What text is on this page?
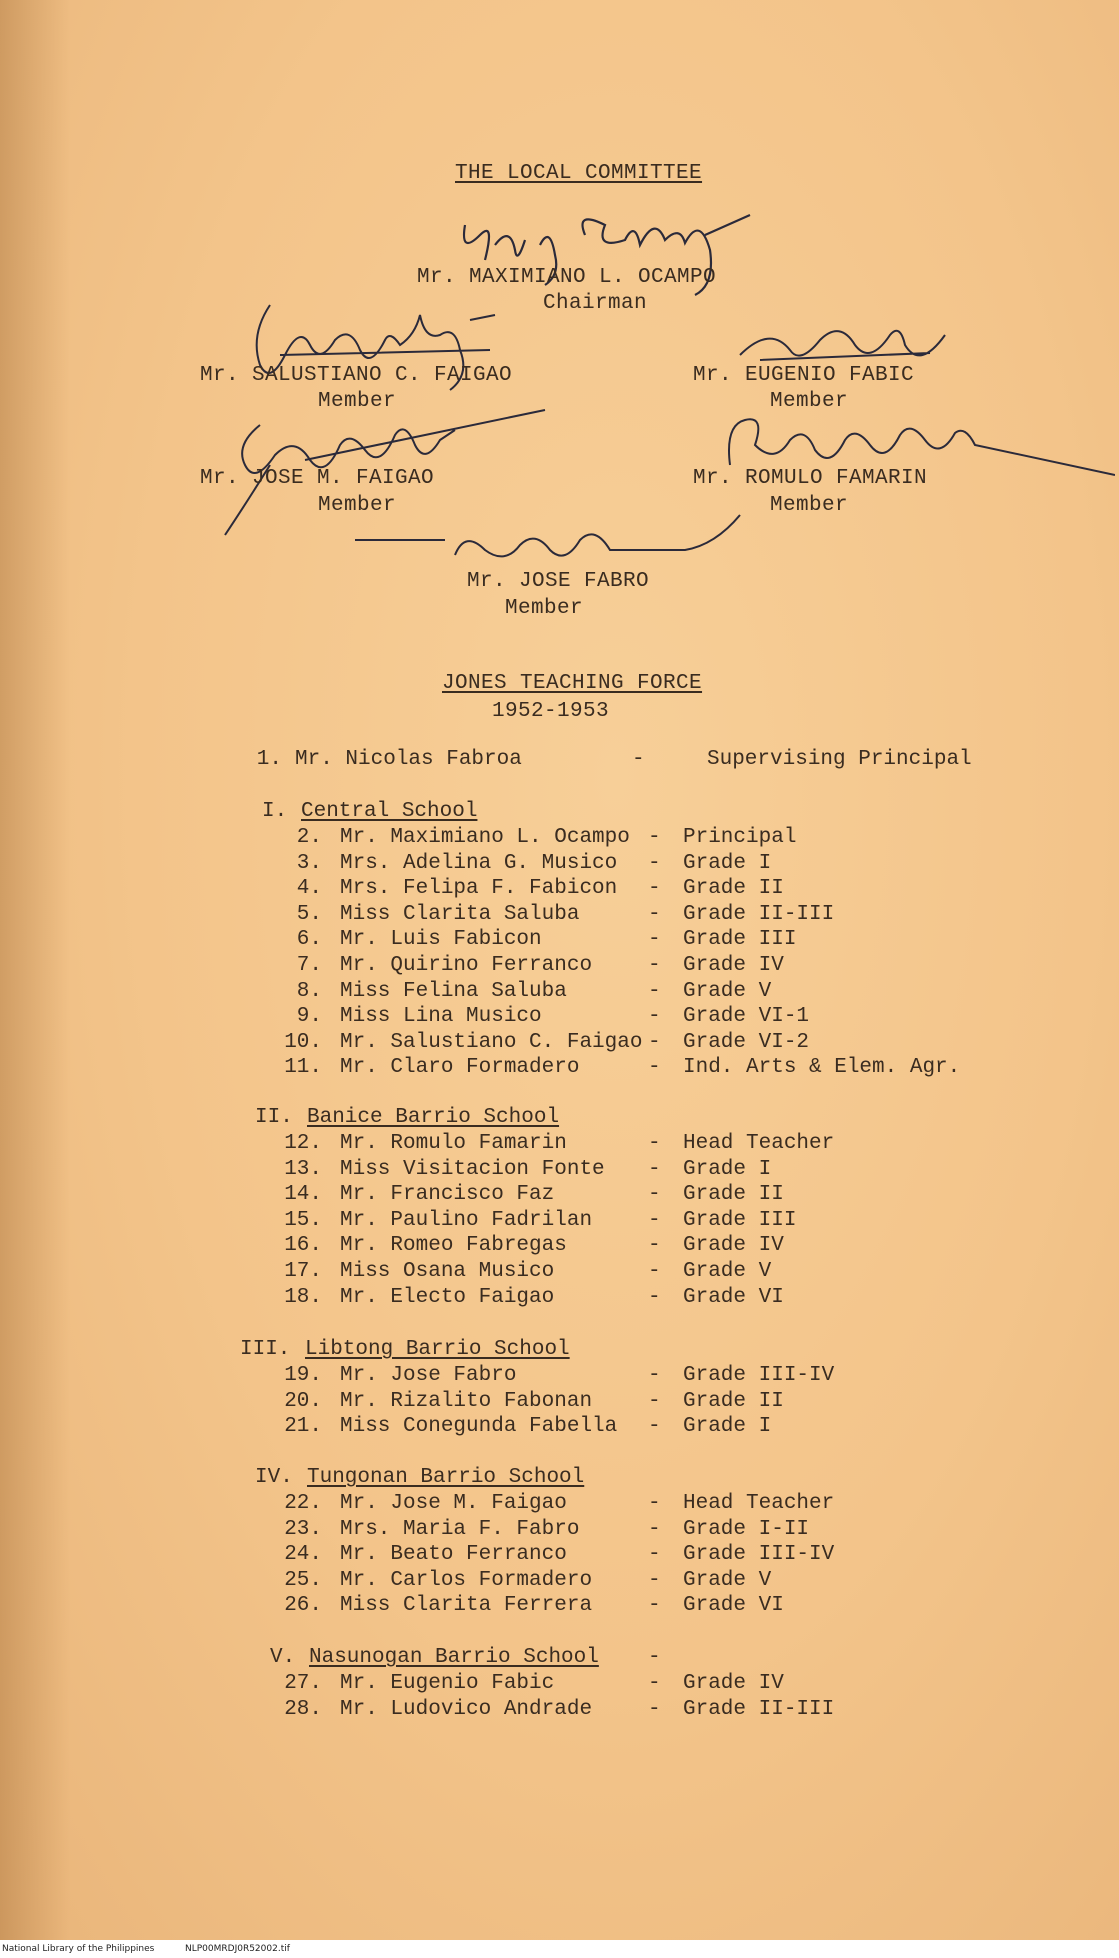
THE LOCAL COMMITTEE
Mr. MAXIMIANO L. OCAMPO
Chairman
Mr. SALUSTIANO C. FAIGAO
Member
Mr. EUGENIO FABIC
Member
Mr. JOSE M. FAIGAO
Member
Mr. ROMULO FAMARIN
Member
Mr. JOSE FABRO
Member
JONES TEACHING FORCE
1952-1953
1. Mr. Nicolas Fabroa	-	Supervising Principal
I. Central School
2. Mr. Maximiano L. Ocampo - Principal
3. Mrs. Adelina G. Musico - Grade I
4. Mrs. Felipa F. Fabicon - Grade II
5. Miss Clarita Saluba	- Grade II-III
6. Mr. Luis Fabicon	- Grade III
7. Mr. Quirino Ferranco	- Grade IV
8. Miss Felina Saluba	- Grade V
9. Miss Lina Musico	- Grade VI-1
10. Mr. Salustiano C. Faigao - Grade VI-2
11. Mr. Claro Formadero	- Ind. Arts & Elem. Agr.
II. Banice Barrio School
12. Mr. Romulo Famarin	- Head Teacher
13. Miss Visitacion Fonte - Grade I
14. Mr. Francisco Faz	- Grade II
15. Mr. Paulino Fadrilan	- Grade III
16. Mr. Romeo Fabregas	- Grade IV
17. Miss Osana Musico	- Grade V
18. Mr. Electo Faigao	- Grade VI
III. Libtong Barrio School
19. Mr. Jose Fabro	- Grade III-IV
20. Mr. Rizalito Fabonan	- Grade II
21. Miss Conegunda Fabella - Grade I
IV. Tungonan Barrio School
22. Mr. Jose M. Faigao	- Head Teacher
23. Mrs. Maria F. Fabro	- Grade I-II
24. Mr. Beato Ferranco	- Grade III-IV
25. Mr. Carlos Formadero	- Grade V
26. Miss Clarita Ferrera	- Grade VI
V. Nasunogan Barrio School -
27. Mr. Eugenio Fabic	- Grade IV
28. Mr. Ludovico Andrade	- Grade II-III
National Library of the Philippines	NLP00MRDJ0R52002.tif
